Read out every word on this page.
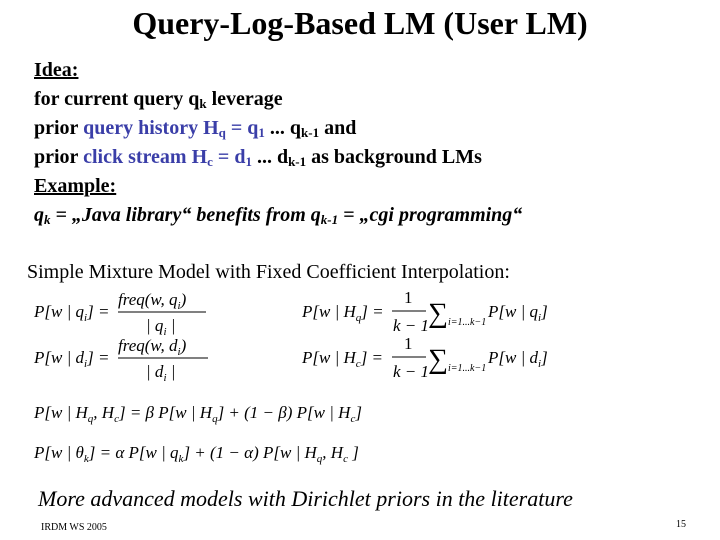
Query-Log-Based LM (User LM)
Idea:
for current query $q_k$ leverage
prior query history $H_q = q_1$ ... $q_{k-1}$ and
prior click stream $H_c = d_1$ ... $d_{k-1}$ as background LMs
Example:
$q_k$ = „Java library“ benefits from $q_{k-1}$ = „cgi programming“
Simple Mixture Model with Fixed Coefficient Interpolation:
P[w | $q_i$] =
freq(w, $q_i$)
| $q_i$ |
P[w | $d_i$] =
freq(w, $d_i$)
| $d_i$ |
P[w | $H_q$] =
1
k − 1
∑ i=1...k−1
P[w | $q_i$]
P[w | $H_c$] =
1
k − 1
∑ i=1...k−1
P[w | $d_i$]
P[w | $H_q$, $H_c] = \beta$ P[w | $H_q] + (1 - \beta)$ P[w | $H_c$]
P[w | $\theta_k] = \alpha$ P[w | $q_k] + (1 - \alpha)$ P[w | $H_q$, $H_c$ ]
More advanced models with Dirichlet priors in the literature
IRDM WS 2005	15
